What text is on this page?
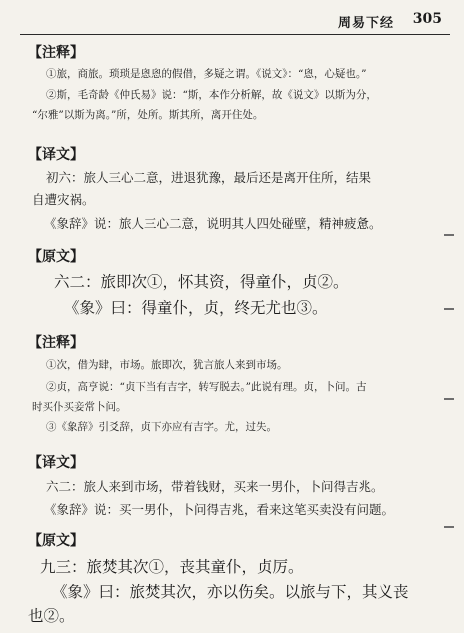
周易下经 305
【注释】
①旅，商旅。琐琐是恖恖的假借，多疑之谓。《说文》：“恖，心疑也。”
②斯，毛奇龄《仲氏易》说：“斯，本作分析解，故《说文》以斯为分，
“尔雅”以斯为离。”所，处所。斯其所，离开住处。
【译文】
初六：旅人三心二意，进退犹豫，最后还是离开住所，结果
自遭灾祸。
《象辞》说：旅人三心二意，说明其人四处碰壁，精神疲惫。
【原文】
六二：旅即次①，怀其资，得童仆，贞②。
《象》曰：得童仆，贞，终无尤也③。
【注释】
①次，借为肆，市场。旅即次，犹言旅人来到市场。
②贞，高亨说：“贞下当有吉字，转写脱去。”此说有理。贞，卜问。古
时买仆买妾常卜问。
③《象辞》引爻辞，贞下亦应有吉字。尤，过失。
【译文】
六二：旅人来到市场，带着钱财，买来一男仆，卜问得吉兆。
《象辞》说：买一男仆，卜问得吉兆，看来这笔买卖没有问题。
【原文】
九三：旅焚其次①，丧其童仆，贞厉。
《象》曰：旅焚其次，亦以伤矣。以旅与下，其义丧
也②。
